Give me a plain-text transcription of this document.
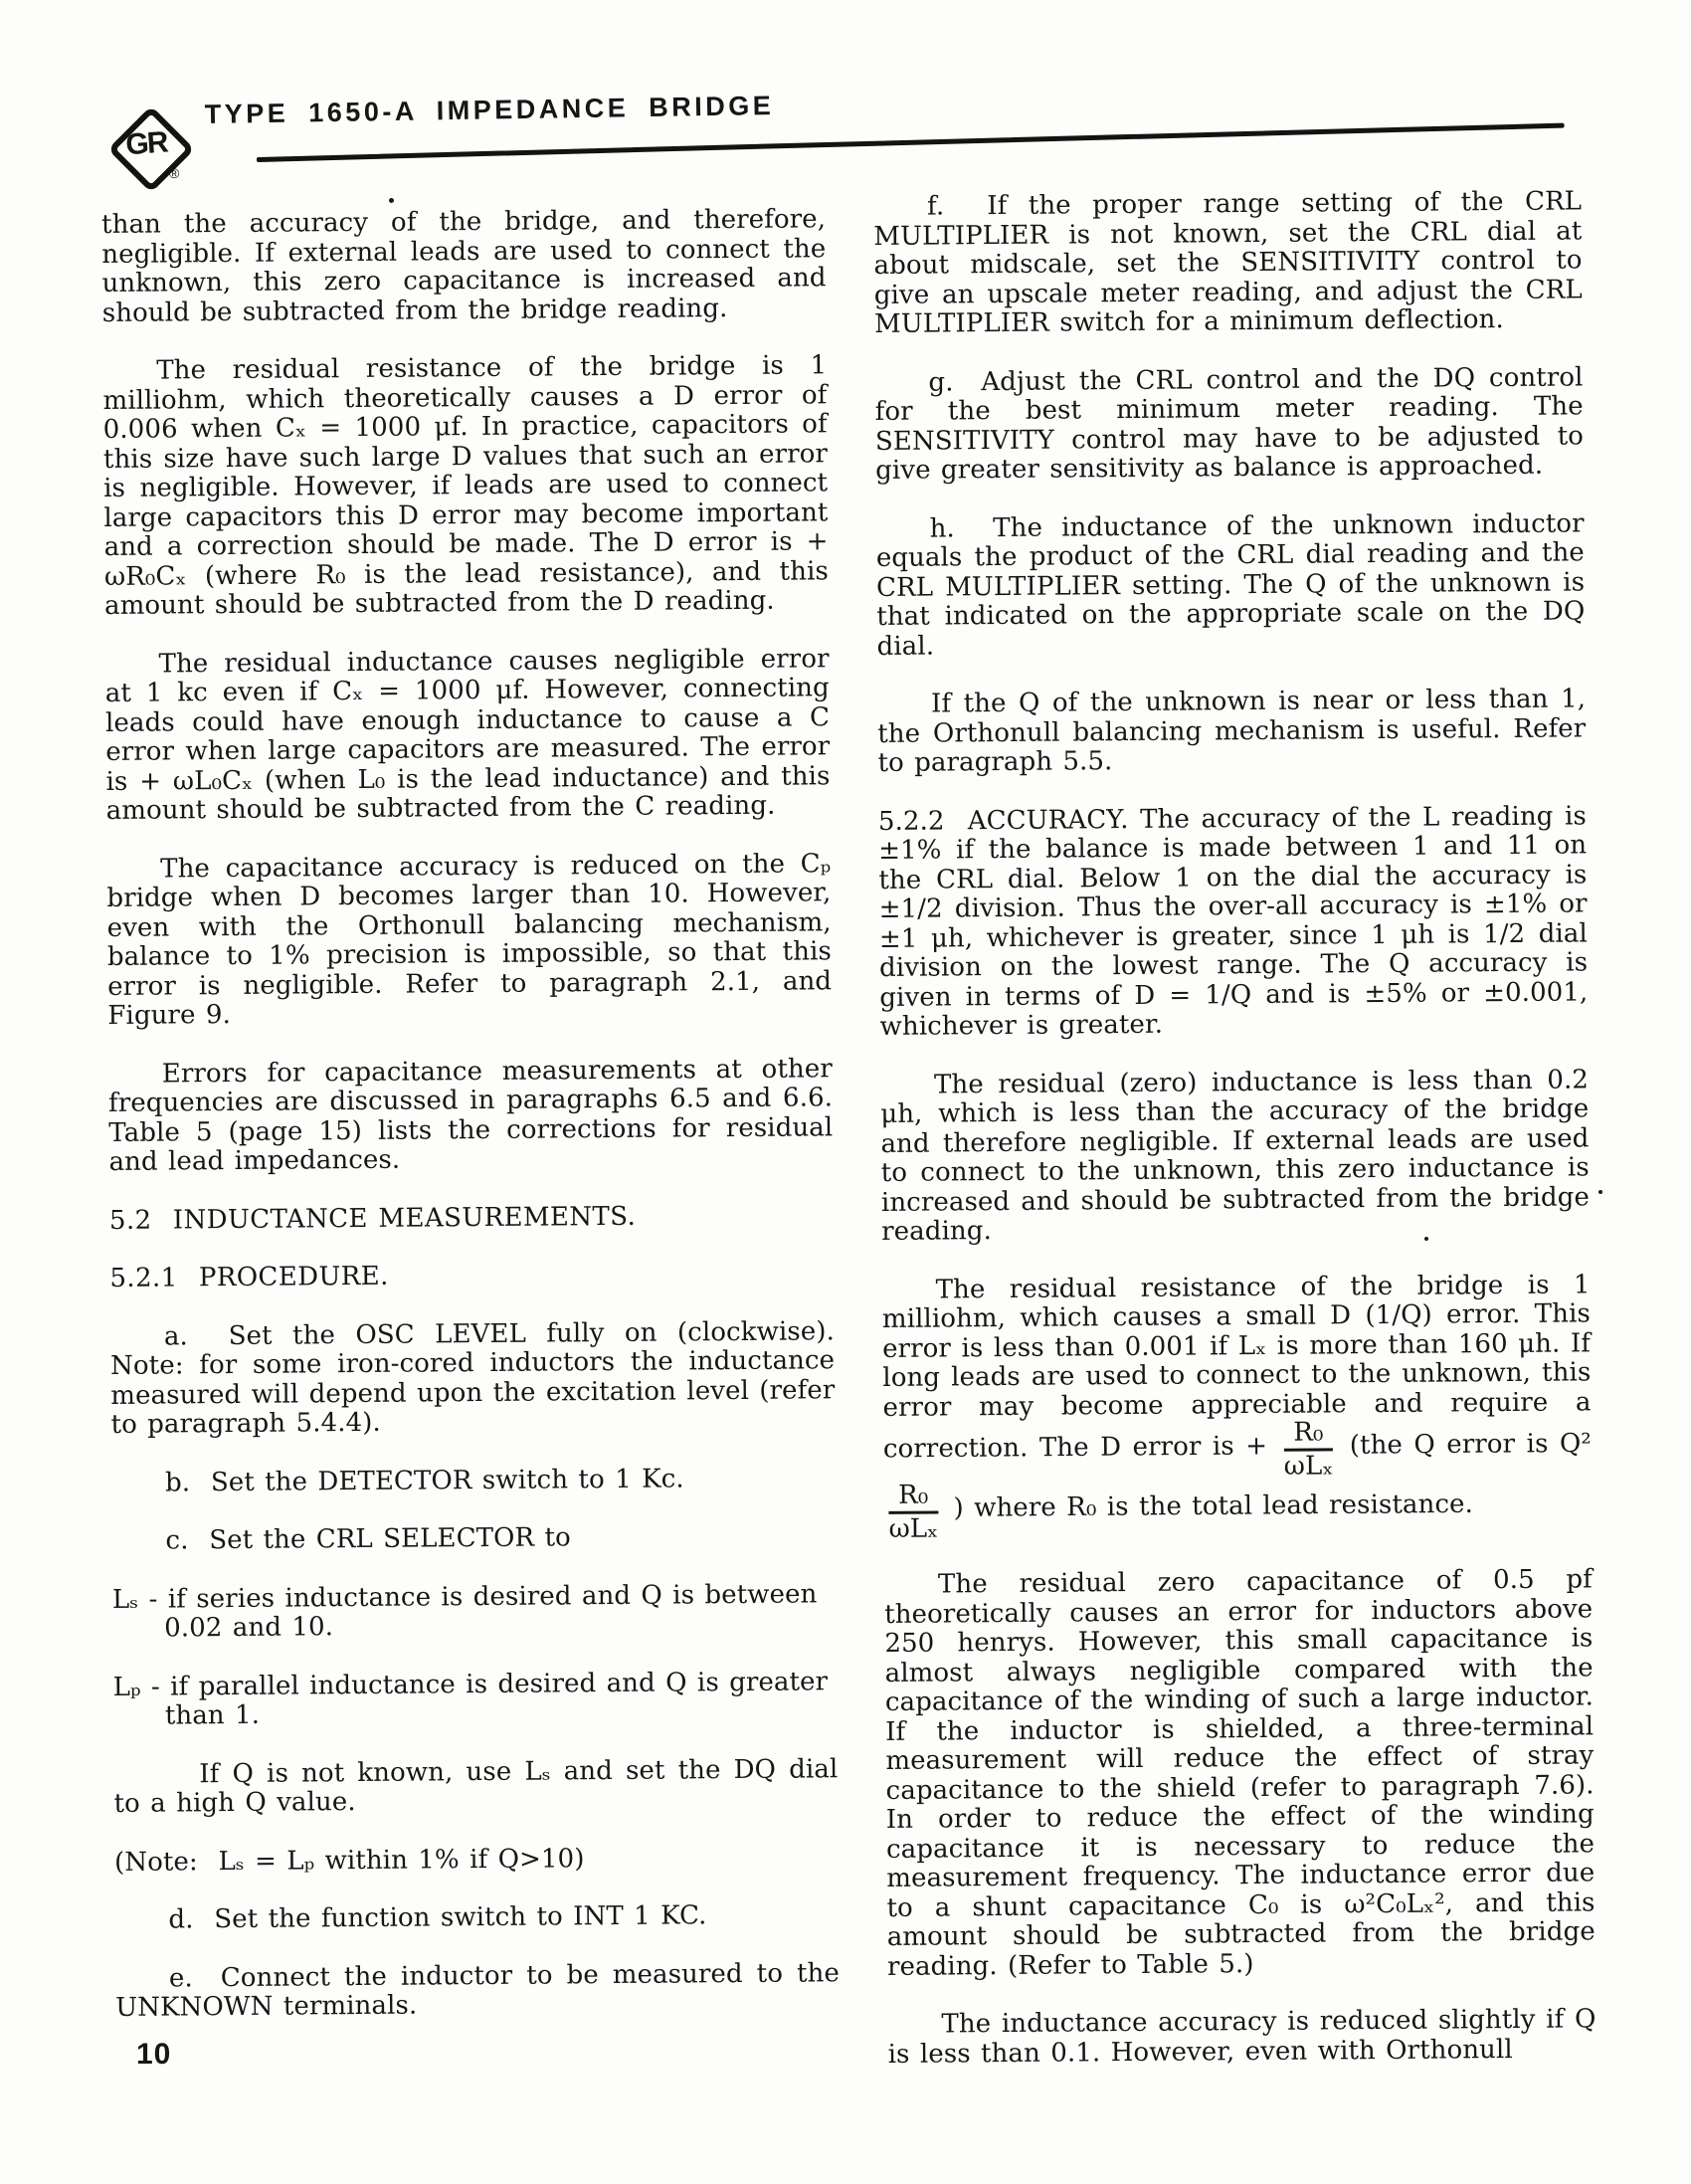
GR
®
TYPE 1650-A IMPEDANCE BRIDGE

than the accuracy of the bridge, and therefore, negligible. If external leads are used to connect the unknown, this zero capacitance is increased and should be subtracted from the bridge reading.

The residual resistance of the bridge is 1 milliohm, which theoretically causes a D error of 0.006 when Cₓ = 1000 μf. In practice, capacitors of this size have such large D values that such an error is negligible. However, if leads are used to connect large capacitors this D error may become important and a correction should be made. The D error is + ωR₀Cₓ (where R₀ is the lead resistance), and this amount should be subtracted from the D reading.

The residual inductance causes negligible error at 1 kc even if Cₓ = 1000 μf. However, connecting leads could have enough inductance to cause a C error when large capacitors are measured. The error is + ωL₀Cₓ (when L₀ is the lead inductance) and this amount should be subtracted from the C reading.

The capacitance accuracy is reduced on the Cₚ bridge when D becomes larger than 10. However, even with the Orthonull balancing mechanism, balance to 1% precision is impossible, so that this error is negligible. Refer to paragraph 2.1, and Figure 9.

Errors for capacitance measurements at other frequencies are discussed in paragraphs 6.5 and 6.6. Table 5 (page 15) lists the corrections for residual and lead impedances.

5.2  INDUCTANCE MEASUREMENTS.

5.2.1  PROCEDURE.

a.  Set the OSC LEVEL fully on (clockwise). Note: for some iron-cored inductors the inductance measured will depend upon the excitation level (refer to paragraph 5.4.4).

b.  Set the DETECTOR switch to 1 Kc.

c.  Set the CRL SELECTOR to

Lₛ - if series inductance is desired and Q is between 0.02 and 10.

Lₚ - if parallel inductance is desired and Q is greater than 1.

If Q is not known, use Lₛ and set the DQ dial to a high Q value.

(Note:  Lₛ = Lₚ within 1% if Q>10)

d.  Set the function switch to INT 1 KC.

e.  Connect the inductor to be measured to the UNKNOWN terminals.

f.  If the proper range setting of the CRL MULTIPLIER is not known, set the CRL dial at about midscale, set the SENSITIVITY control to give an upscale meter reading, and adjust the CRL MULTIPLIER switch for a minimum deflection.

g.  Adjust the CRL control and the DQ control for the best minimum meter reading. The SENSITIVITY control may have to be adjusted to give greater sensitivity as balance is approached.

h.  The inductance of the unknown inductor equals the product of the CRL dial reading and the CRL MULTIPLIER setting. The Q of the unknown is that indicated on the appropriate scale on the DQ dial.

If the Q of the unknown is near or less than 1, the Orthonull balancing mechanism is useful. Refer to paragraph 5.5.

5.2.2  ACCURACY. The accuracy of the L reading is ±1% if the balance is made between 1 and 11 on the CRL dial. Below 1 on the dial the accuracy is ±1/2 division. Thus the over-all accuracy is ±1% or ±1 μh, whichever is greater, since 1 μh is 1/2 dial division on the lowest range. The Q accuracy is given in terms of D = 1/Q and is ±5% or ±0.001, whichever is greater.

The residual (zero) inductance is less than 0.2 μh, which is less than the accuracy of the bridge and therefore negligible. If external leads are used to connect to the unknown, this zero inductance is increased and should be subtracted from the bridge reading.

The residual resistance of the bridge is 1 milliohm, which causes a small D (1/Q) error. This error is less than 0.001 if Lₓ is more than 160 μh. If long leads are used to connect to the unknown, this error may become appreciable and require a correction. The D error is + $\frac{\text{R₀}}{\text{ωLₓ}} (the$ Q error is Q²
$\frac{\text{R₀}}{\text{ωLₓ}}$ ) where R₀ is the total lead resistance.

The residual zero capacitance of 0.5 pf theoretically causes an error for inductors above 250 henrys. However, this small capacitance is almost always negligible compared with the capacitance of the winding of such a large inductor. If the inductor is shielded, a three-terminal measurement will reduce the effect of stray capacitance to the shield (refer to paragraph 7.6). In order to reduce the effect of the winding capacitance it is necessary to reduce the measurement frequency. The inductance error due to a shunt capacitance C₀ is ω²C₀Lₓ², and this amount should be subtracted from the bridge reading. (Refer to Table 5.)

The inductance accuracy is reduced slightly if Q is less than 0.1. However, even with Orthonull

10
